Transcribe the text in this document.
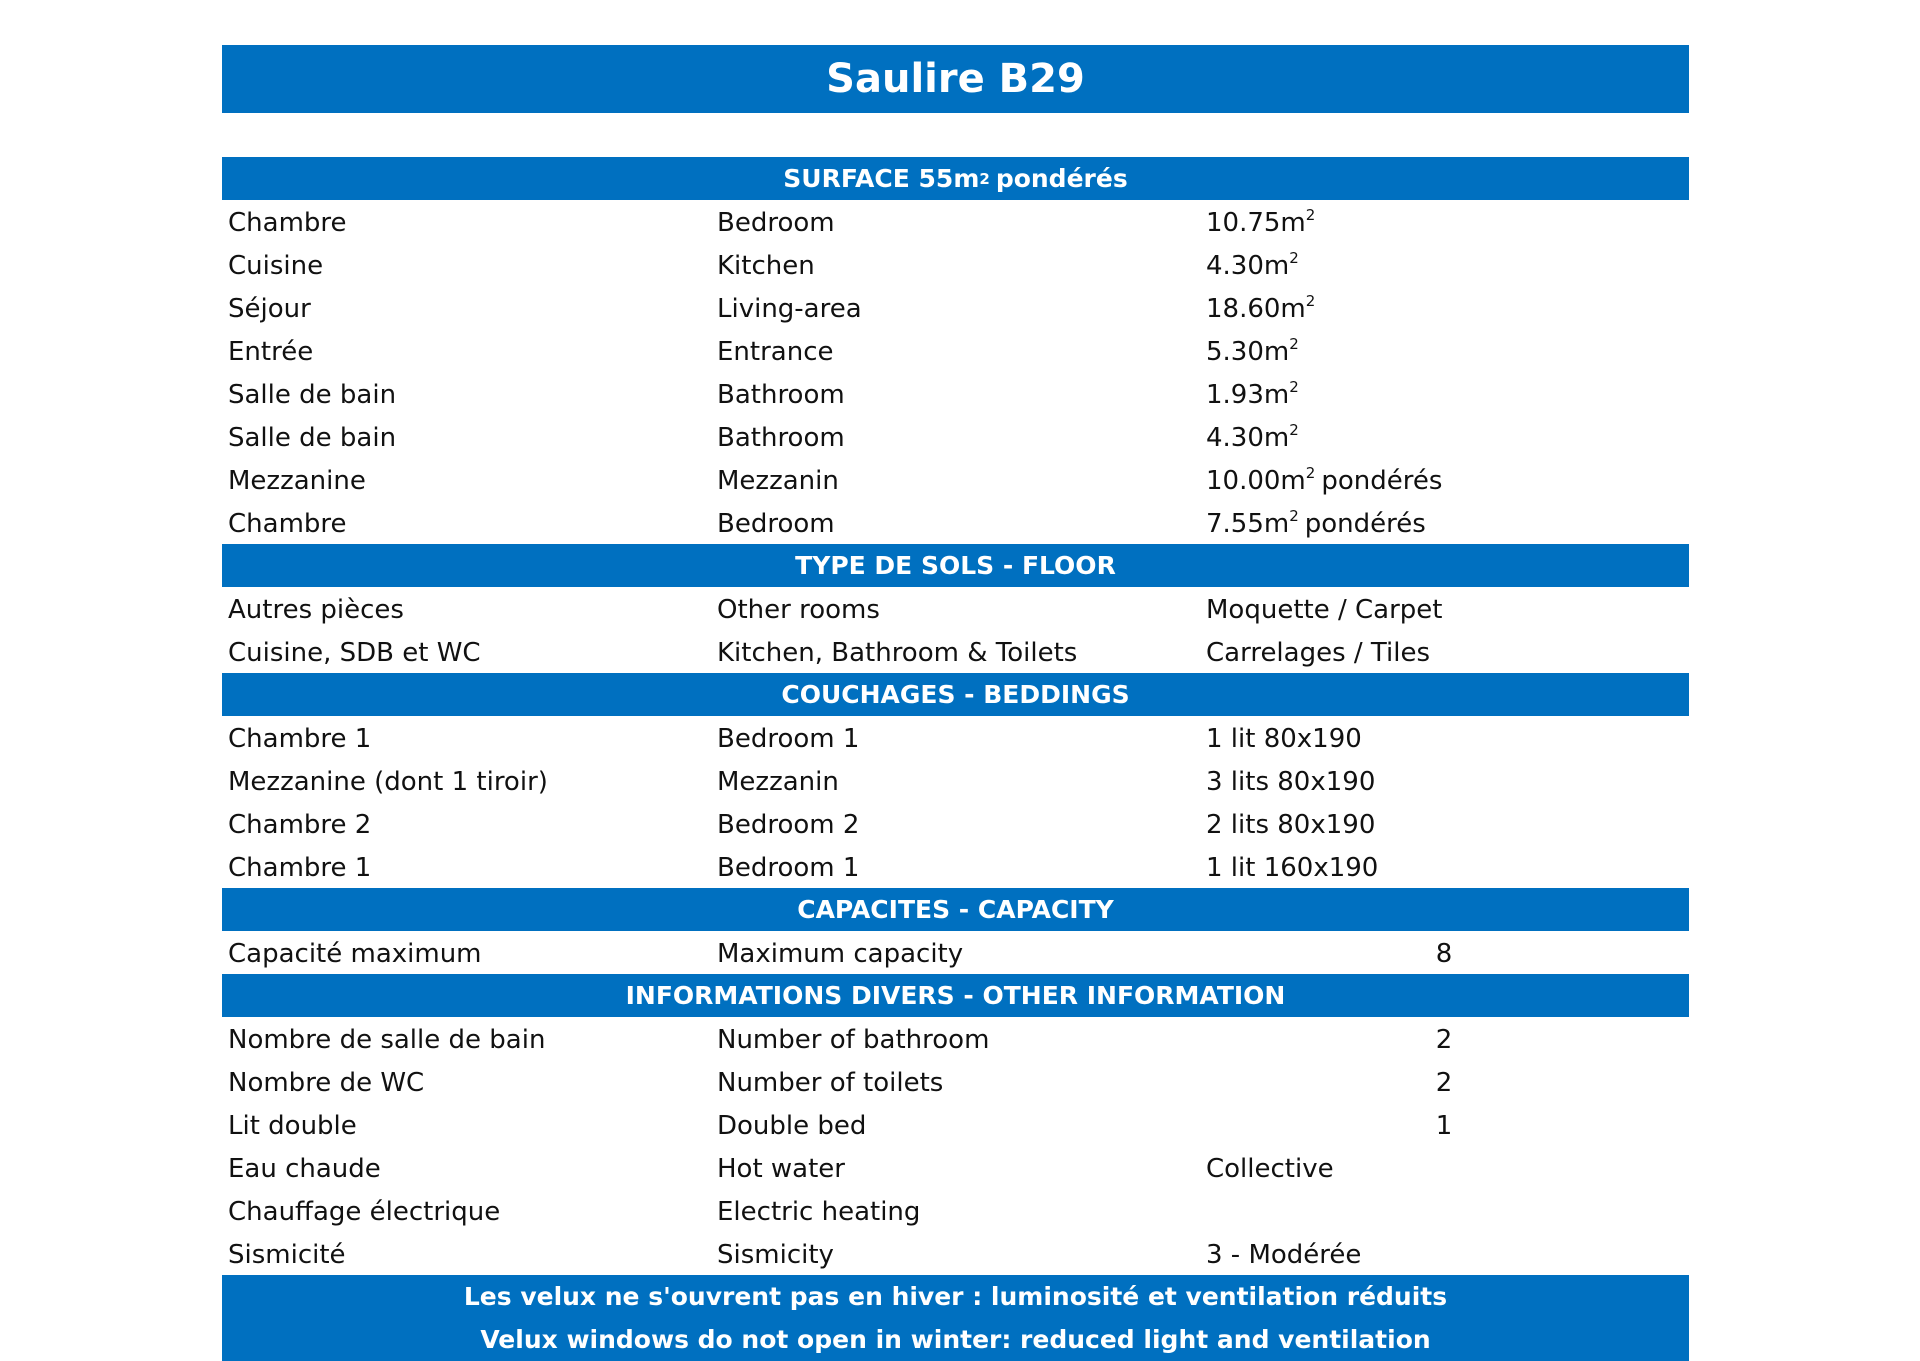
Saulire B29
SURFACE 55m 2 pondérés
Chambre	Bedroom	$10.75m^2$
Cuisine	Kitchen	$4.30m^2$
Séjour	Living-area	$18.60m^2$
Entrée	Entrance	$5.30m^2$
Salle de bain	Bathroom	$1.93m^2$
Salle de bain	Bathroom	$4.30m^2$
Mezzanine	Mezzanin	$10.00m^2$ pondérés
Chambre	Bedroom	$7.55m^2$ pondérés
TYPE DE SOLS - FLOOR
Autres pièces	Other rooms	Moquette / Carpet
Cuisine, SDB et WC	Kitchen, Bathroom & Toilets	Carrelages / Tiles
COUCHAGES - BEDDINGS
Chambre 1	Bedroom 1	1 lit 80x190
Mezzanine (dont 1 tiroir)	Mezzanin	3 lits 80x190
Chambre 2	Bedroom 2	2 lits 80x190
Chambre 1	Bedroom 1	1 lit 160x190
CAPACITES - CAPACITY
Capacité maximum	Maximum capacity	8
INFORMATIONS DIVERS - OTHER INFORMATION
Nombre de salle de bain	Number of bathroom	2
Nombre de WC	Number of toilets	2
Lit double	Double bed	1
Eau chaude	Hot water	Collective
Chauffage électrique	Electric heating
Sismicité	Sismicity	3 - Modérée
Les velux ne s'ouvrent pas en hiver : luminosité et ventilation réduits
Velux windows do not open in winter: reduced light and ventilation
